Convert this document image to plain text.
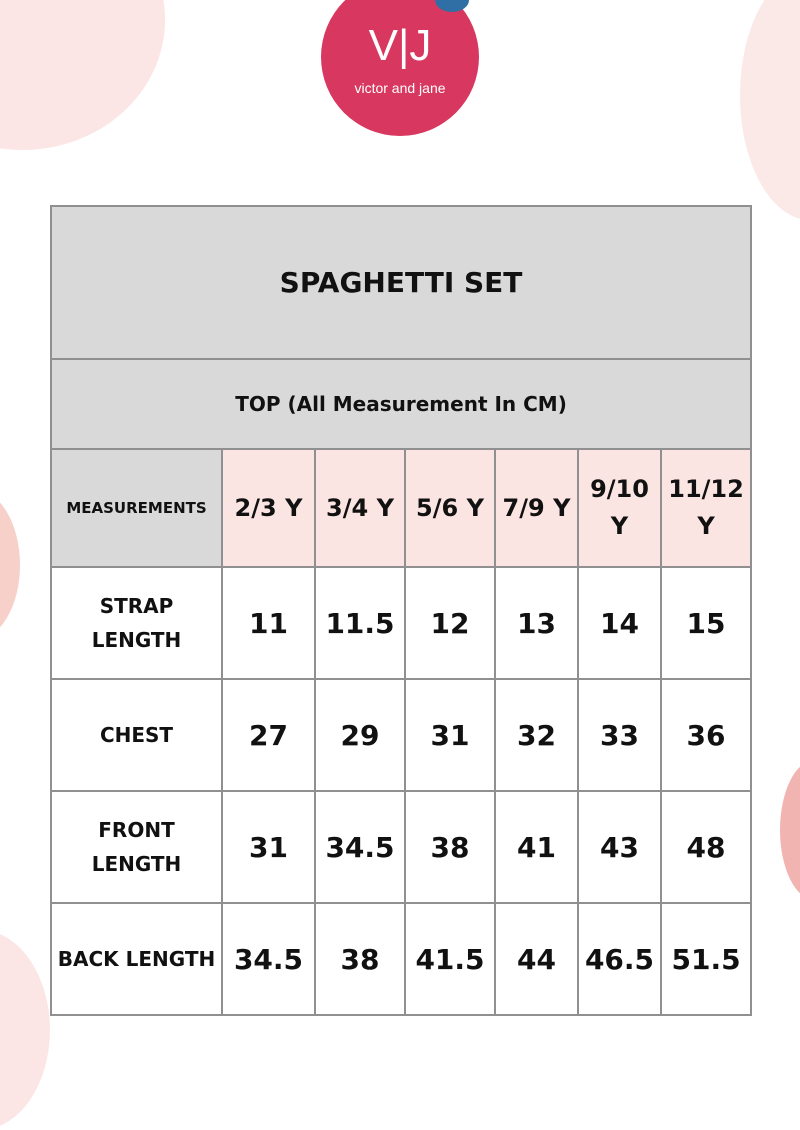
V|J
victor and jane
SPAGHETTI SET						
TOP (All Measurement In CM)						
MEASUREMENTS	2/3 Y	3/4 Y	5/6 Y	7/9 Y	9/10 Y	11/12 Y
STRAP LENGTH	11	11.5	12	13	14	15
CHEST	27	29	31	32	33	36
FRONT LENGTH	31	34.5	38	41	43	48
BACK LENGTH	34.5	38	41.5	44	46.5	51.5
